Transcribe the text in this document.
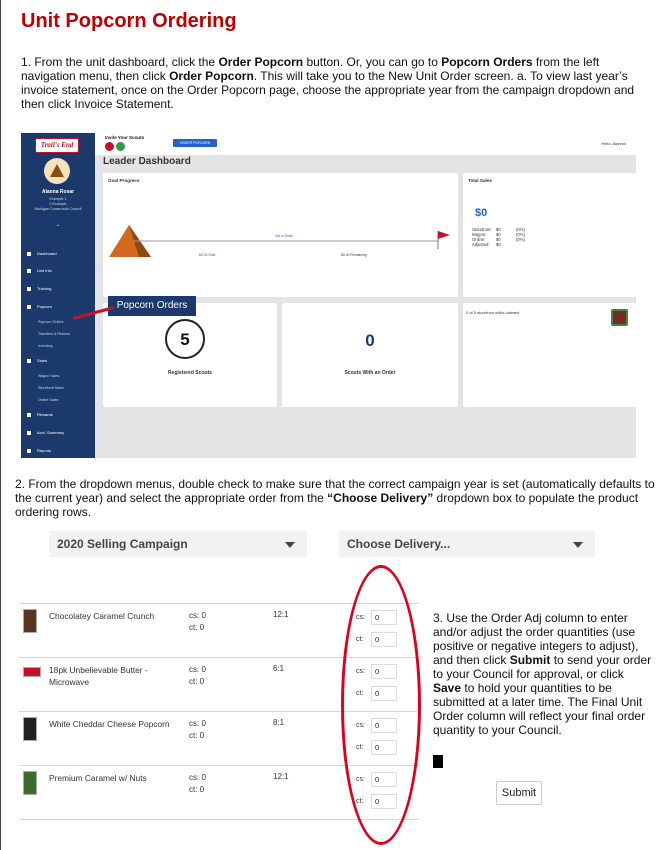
Unit Popcorn Ordering

1. From the unit dashboard, click the Order Popcorn button. Or, you can go to Popcorn Orders from the left navigation menu, then click Order Popcorn. This will take you to the New Unit Order screen. a. To view last year’s invoice statement, once on the Order Popcorn page, choose the appropriate year from the campaign dropdown and then click Invoice Statement.

Trail's End
Alanna Rosar
Example 1
0 Example
Michigan Crossroads Council
⌄
Dashboard
Unit Info
Training
Popcorn
Popcorn Orders
Transfers & Returns
Inventory
Sales
Wagon Sales
Storefront Sales
Online Sales
Rewards
Acct. Summary
Reports
Invite Your Scouts
ORDER POPCORN	Hello, Alanna!
Leader Dashboard
Goal Progress
Set a Goal!
$0.00 Sold	$0.00 Remaining
Total Sales
$0
Storefront: $0	(0%)
Wagon: $0	(0%)
Online:	$0	(0%)
Adjusted: $0
5
Registered Scouts
0
Scouts With an Order
0 of 0 storefront shifts claimed
Popcorn Orders

2. From the dropdown menus, double check to make sure that the correct campaign year is set (automatically defaults to the current year) and select the appropriate order from the “Choose Delivery” dropdown box to populate the product ordering rows.

2020 Selling Campaign	Choose Delivery...
Chocolatey Caramel Crunch	cs: 0
ct: 0
12:1	cs:	0
ct:	0
18pk Unbelievable Butter - Microwave
cs: 0
ct: 0
6:1	cs:	0
ct:	0
White Cheddar Cheese Popcorn	cs: 0
ct: 0
8:1	cs:	0
ct:	0
Premium Caramel w/ Nuts	cs: 0
ct: 0
12:1	cs:	0
ct:	0

3. Use the Order Adj column to enter and/or adjust the order quantities (use positive or negative integers to adjust), and then click Submit to send your order to your Council for approval, or click Save to hold your quantities to be submitted at a later time. The Final Unit Order column will reflect your final order quantity to your Council.

Submit
